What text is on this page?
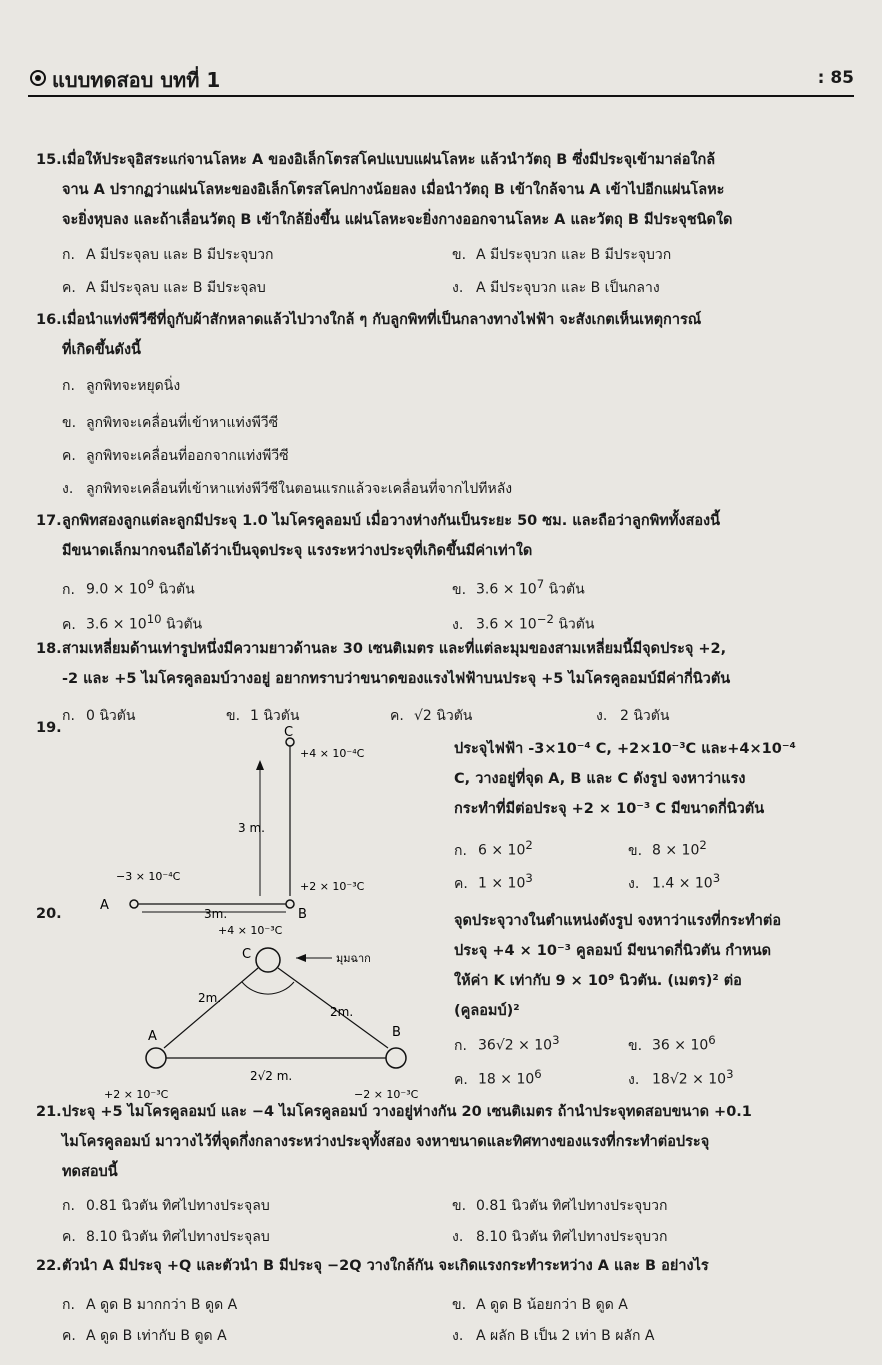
แบบทดสอบ บทที่ 1	: 85
15.เมื่อให้ประจุอิสระแก่จานโลหะ A ของอิเล็กโตรสโคปแบบแผ่นโลหะ แล้วนำวัตถุ B ซึ่งมีประจุเข้ามาล่อใกล้
จาน A ปรากฏว่าแผ่นโลหะของอิเล็กโตรสโคปกางน้อยลง เมื่อนำวัตถุ B เข้าใกล้จาน A เข้าไปอีกแผ่นโลหะ
จะยิ่งหุบลง และถ้าเลื่อนวัตถุ B เข้าใกล้ยิ่งขึ้น แผ่นโลหะจะยิ่งกางออกจานโลหะ A และวัตถุ B มีประจุชนิดใด
ก. A มีประจุลบ และ B มีประจุบวก	ข. A มีประจุบวก และ B มีประจุบวก
ค. A มีประจุลบ และ B มีประจุลบ	ง. A มีประจุบวก และ B เป็นกลาง
16.เมื่อนำแท่งพีวีซีที่ถูกับผ้าสักหลาดแล้วไปวางใกล้ ๆ กับลูกพิทที่เป็นกลางทางไฟฟ้า จะสังเกตเห็นเหตุการณ์
ที่เกิดขึ้นดังนี้
ก. ลูกพิทจะหยุดนิ่ง
ข. ลูกพิทจะเคลื่อนที่เข้าหาแท่งพีวีซี
ค. ลูกพิทจะเคลื่อนที่ออกจากแท่งพีวีซี
ง. ลูกพิทจะเคลื่อนที่เข้าหาแท่งพีวีซีในตอนแรกแล้วจะเคลื่อนที่จากไปทีหลัง
17.ลูกพิทสองลูกแต่ละลูกมีประจุ 1.0 ไมโครคูลอมบ์ เมื่อวางห่างกันเป็นระยะ 50 ซม. และถือว่าลูกพิททั้งสองนี้
มีขนาดเล็กมากจนถือได้ว่าเป็นจุดประจุ แรงระหว่างประจุที่เกิดขึ้นมีค่าเท่าใด
ก. $9.0 \times 10^9$ นิวตัน	ข. $3.6 \times 10^7$ นิวตัน
ค. $3.6 \times 10^{10}$ นิวตัน	ง. $3.6 \times 10^{-2}$ นิวตัน
18.สามเหลี่ยมด้านเท่ารูปหนึ่งมีความยาวด้านละ 30 เซนติเมตร และที่แต่ละมุมของสามเหลี่ยมนี้มีจุดประจุ +2,
-2 และ +5 ไมโครคูลอมบ์วางอยู่ อยากทราบว่าขนาดของแรงไฟฟ้าบนประจุ +5 ไมโครคูลอมบ์มีค่ากี่นิวตัน
ก. 0 นิวตัน	ข. 1 นิวตัน	ค. √2 นิวตัน	ง. 2 นิวตัน
19.	C
+4 × 10⁻⁴C
3 m.
−3 × 10⁻⁴C
A
3m.
+2 × 10⁻³C
B
ประจุไฟฟ้า -3×10⁻⁴ C, +2×10⁻³C และ+4×10⁻⁴
C, วางอยู่ที่จุด A, B และ C ดังรูป จงหาว่าแรง
กระทำที่มีต่อประจุ +2 × 10⁻³ C มีขนาดกี่นิวตัน
ก. $6 \times 10^2$	ข. $8 \times 10^2$
ค. $1 \times 10^3$	ง. $1.4 \times 10^3$
20.
+4 × 10⁻³C
C	มุมฉาก
2m.
2m.
A	B
2√2 m.
+2 × 10⁻³C	−2 × 10⁻³C
จุดประจุวางในตำแหน่งดังรูป จงหาว่าแรงที่กระทำต่อ
ประจุ +4 × 10⁻³ คูลอมบ์ มีขนาดกี่นิวตัน กำหนด
ให้ค่า K เท่ากับ 9 × 10⁹ นิวตัน. (เมตร)² ต่อ
(คูลอมบ์)²
ก. $36√2 \times 10^3$	ข. $36 \times 10^6$
ค. $18 \times 10^6$	ง. $18√2 \times 10^3$
21.ประจุ +5 ไมโครคูลอมบ์ และ −4 ไมโครคูลอมบ์ วางอยู่ห่างกัน 20 เซนติเมตร ถ้านำประจุทดสอบขนาด +0.1
ไมโครคูลอมบ์ มาวางไว้ที่จุดกึ่งกลางระหว่างประจุทั้งสอง จงหาขนาดและทิศทางของแรงที่กระทำต่อประจุ
ทดสอบนี้
ก. 0.81 นิวตัน ทิศไปทางประจุลบ	ข. 0.81 นิวตัน ทิศไปทางประจุบวก
ค. 8.10 นิวตัน ทิศไปทางประจุลบ	ง. 8.10 นิวตัน ทิศไปทางประจุบวก
22.ตัวนำ A มีประจุ +Q และตัวนำ B มีประจุ −2Q วางใกล้กัน จะเกิดแรงกระทำระหว่าง A และ B อย่างไร
ก. A ดูด B มากกว่า B ดูด A	ข. A ดูด B น้อยกว่า B ดูด A
ค. A ดูด B เท่ากับ B ดูด A	ง. A ผลัก B เป็น 2 เท่า B ผลัก A
